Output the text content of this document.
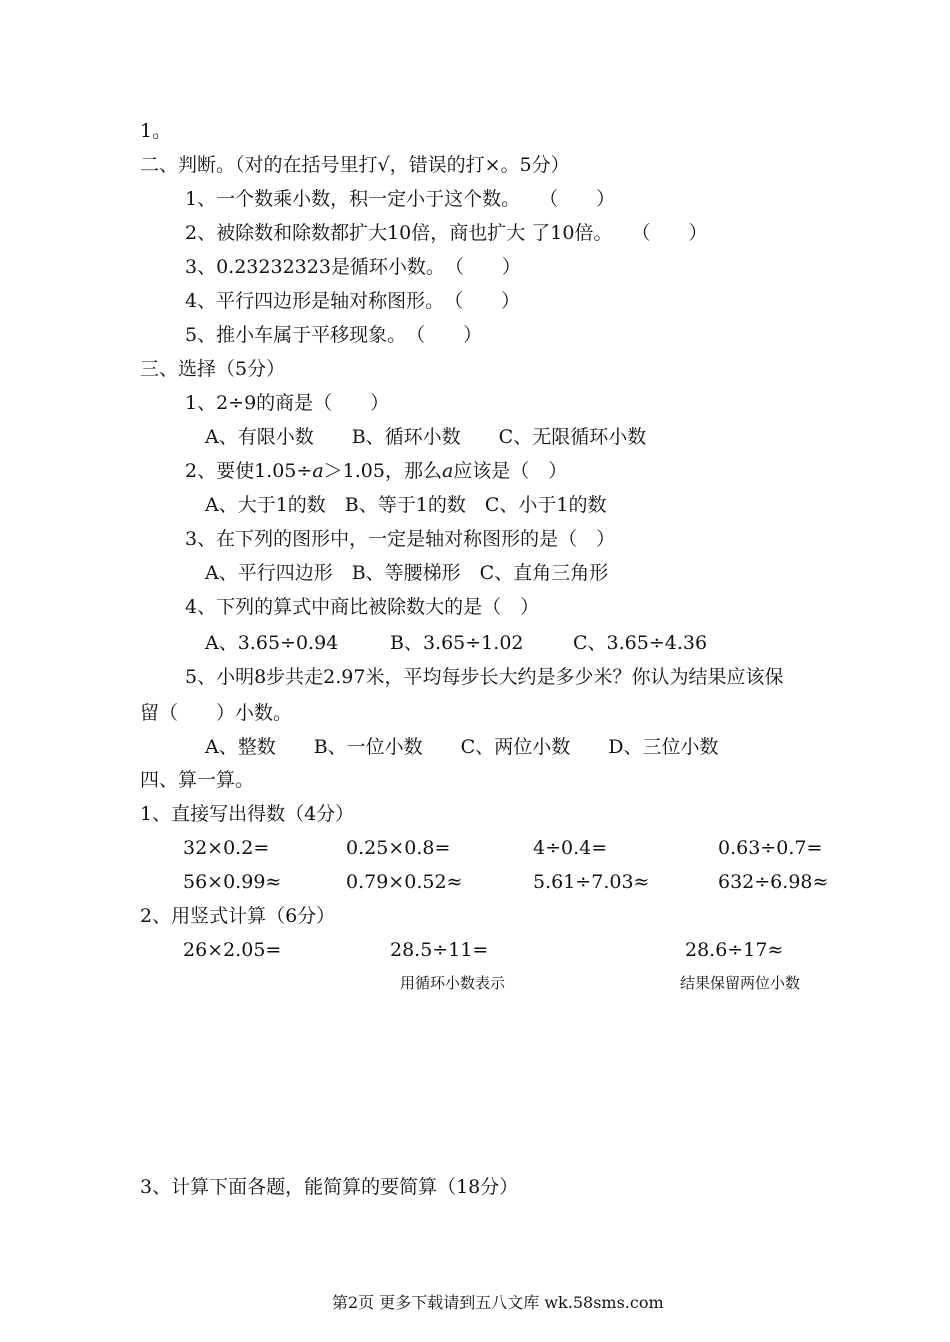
1。
二、判断。（对的在括号里打√，错误的打×。5分）
1、一个数乘小数，积一定小于这个数。　　（　　）
2、被除数和除数都扩大10倍，商也扩大 了10倍。　　（　　）
3、0.23232323是循环小数。　（　　）
4、平行四边形是轴对称图形。　（　　）
5、推小车属于平移现象。　（　　）
三、选择（5分）
1、2÷9的商是（　　）
A、有限小数　　B、循环小数　　C、无限循环小数
2、要使1.05÷a＞1.05，那么a应该是（　）
A、大于1的数　B、等于1的数　C、小于1的数
3、在下列的图形中，一定是轴对称图形的是（　）
A、平行四边形　B、等腰梯形　C、直角三角形
4、下列的算式中商比被除数大的是（　）
A、3.65÷0.94	B、3.65÷1.02	C、3.65÷4.36
5、小明8步共走2.97米，平均每步长大约是多少米？你认为结果应该保
留（　　）小数。
A、整数　　B、一位小数　　C、两位小数　　D、三位小数
四、算一算。
1、直接写出得数（4分）
32×0.2=	0.25×0.8=	4÷0.4=	0.63÷0.7=
56×0.99≈	0.79×0.52≈	5.61÷7.03≈	632÷6.98≈
2、用竖式计算（6分）
26×2.05=	28.5÷11=	28.6÷17≈
用循环小数表示	结果保留两位小数
3、计算下面各题，能简算的要简算（18分）
第2页 更多下载请到五八文库 wk.58sms.com
